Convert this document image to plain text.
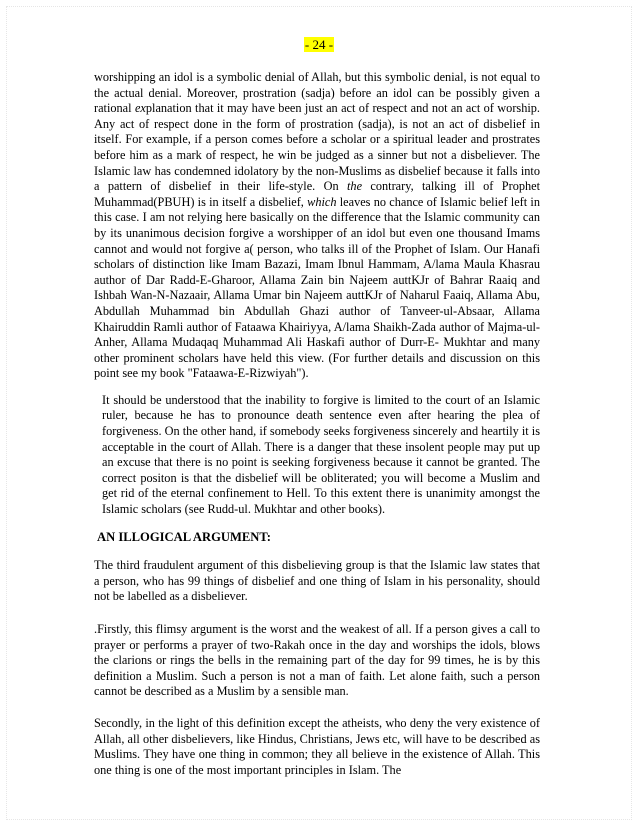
- 24 -

worshipping an idol is a symbolic denial of Allah, but this symbolic denial, is not equal to the actual denial. Moreover, prostration (sadja) before an idol can be possibly given a rational explanation that it may have been just an act of respect and not an act of worship. Any act of respect done in the form of prostration (sadja), is not an act of disbelief in itself. For example, if a person comes before a scholar or a spiritual leader and prostrates before him as a mark of respect, he win be judged as a sinner but not a disbeliever. The Islamic law has condemned idolatory by the non-Muslims as disbelief because it falls into a pattern of disbelief in their life-style. On the contrary, talking ill of Prophet Muhammad(PBUH) is in itself a disbelief, which leaves no chance of Islamic belief left in this case. I am not relying here basically on the difference that the Islamic community can by its unanimous decision forgive a worshipper of an idol but even one thousand Imams cannot and would not forgive a( person, who talks ill of the Prophet of Islam. Our Hanafi scholars of distinction like Imam Bazazi, Imam Ibnul Hammam, A/lama Maula Khasrau author of Dar Radd-E-Gharoor, Allama Zain bin Najeem auttKJr of Bahrar Raaiq and Ishbah Wan-N-Nazaair, Allama Umar bin Najeem auttKJr of Naharul Faaiq, Allama Abu, Abdullah Muhammad bin Abdullah Ghazi author of Tanveer-ul-Absaar, Allama Khairuddin Ramli author of Fataawa Khairiyya, A/lama Shaikh-Zada author of Majma-ul-Anher, Allama Mudaqaq Muhammad Ali Haskafi author of Durr-E- Mukhtar and many other prominent scholars have held this view. (For further details and discussion on this point see my book "Fataawa-E-Rizwiyah").

It should be understood that the inability to forgive is limited to the court of an Islamic ruler, because he has to pronounce death sentence even after hearing the plea of forgiveness. On the other hand, if somebody seeks forgiveness sincerely and heartily it is acceptable in the court of Allah. There is a danger that these insolent people may put up an excuse that there is no point is seeking forgiveness because it cannot be granted. The correct positon is that the disbelief will be obliterated; you will become a Muslim and get rid of the eternal confinement to Hell. To this extent there is unanimity amongst the Islamic scholars (see Rudd-ul. Mukhtar and other books).

AN ILLOGICAL ARGUMENT:

The third fraudulent argument of this disbelieving group is that the Islamic law states that a person, who has 99 things of disbelief and one thing of Islam in his personality, should not be labelled as a disbeliever.

.Firstly, this flimsy argument is the worst and the weakest of all. If a person gives a call to prayer or performs a prayer of two-Rakah once in the day and worships the idols, blows the clarions or rings the bells in the remaining part of the day for 99 times, he is by this definition a Muslim. Such a person is not a man of faith. Let alone faith, such a person cannot be described as a Muslim by a sensible man.

Secondly, in the light of this definition except the atheists, who deny the very existence of Allah, all other disbelievers, like Hindus, Christians, Jews etc, will have to be described as Muslims. They have one thing in common; they all believe in the existence of Allah. This one thing is one of the most important principles in Islam. The
